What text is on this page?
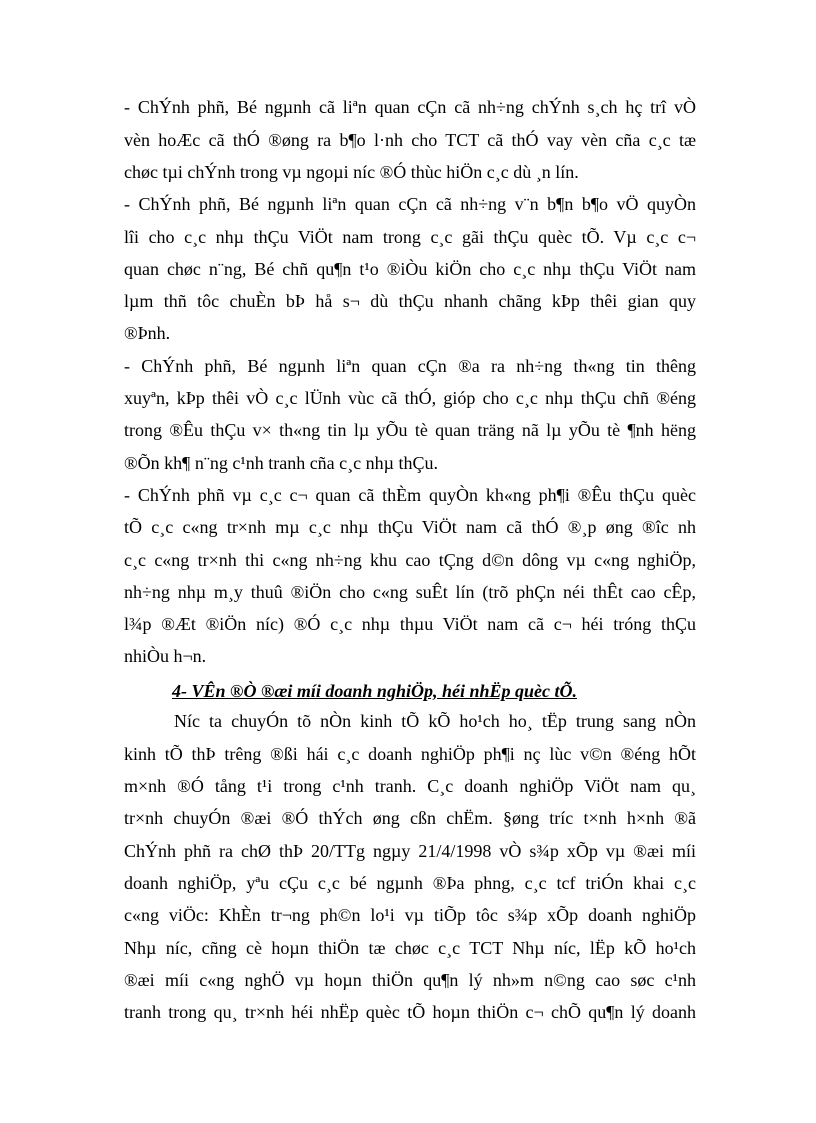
- ChÝnh phñ, Bé ngµnh cã liªn quan cÇn cã nh÷ng chÝnh s¸ch hç trî vÒ
vèn hoÆc cã thÓ ®øng ra b¶o l·nh cho TCT cã thÓ vay vèn cña c¸c tæ
chøc tµi chÝnh trong vµ ngoµi níc ®Ó thùc hiÖn c¸c dù ¸n lín.
- ChÝnh phñ, Bé ngµnh liªn quan cÇn cã nh÷ng v¨n b¶n b¶o vÖ quyÒn
lîi cho c¸c nhµ thÇu ViÖt nam trong c¸c gãi thÇu quèc tÕ. Vµ c¸c c¬
quan chøc n¨ng, Bé chñ qu¶n t¹o ®iÒu kiÖn cho c¸c nhµ thÇu ViÖt nam
lµm thñ tôc chuÈn bÞ hå s¬ dù thÇu nhanh chãng kÞp thêi gian quy
®Þnh.
- ChÝnh phñ, Bé ngµnh liªn quan cÇn ®a ra nh÷ng th«ng tin thêng
xuyªn, kÞp thêi vÒ c¸c lÜnh vùc cã thÓ, gióp cho c¸c nhµ thÇu chñ ®éng
trong ®Êu thÇu v× th«ng tin lµ yÕu tè quan träng nã lµ yÕu tè ¶nh hëng
®Õn kh¶ n¨ng c¹nh tranh cña c¸c nhµ thÇu.
- ChÝnh phñ vµ c¸c c¬ quan cã thÈm quyÒn kh«ng ph¶i ®Êu thÇu quèc
tÕ c¸c c«ng tr×nh mµ c¸c nhµ thÇu ViÖt nam cã thÓ ®¸p øng ®îc nh
c¸c c«ng tr×nh thi c«ng nh÷ng khu cao tÇng d©n dông vµ c«ng nghiÖp,
nh÷ng nhµ m¸y thuû ®iÖn cho c«ng suÊt lín (trõ phÇn néi thÊt cao cÊp,
l¾p ®Æt ®iÖn níc) ®Ó c¸c nhµ thµu ViÖt nam cã c¬ héi tróng thÇu
nhiÒu h¬n.
4- VÊn ®Ò ®æi míi doanh nghiÖp, héi nhËp quèc tÕ.
Níc ta chuyÓn tõ nÒn kinh tÕ kÕ ho¹ch ho¸ tËp trung sang nÒn
kinh tÕ thÞ trêng ®ßi hái c¸c doanh nghiÖp ph¶i nç lùc v©n ®éng hÕt
m×nh ®Ó tång t¹i trong c¹nh tranh. C¸c doanh nghiÖp ViÖt nam qu¸
tr×nh chuyÓn ®æi ®Ó thÝch øng cßn chËm. §øng tríc t×nh h×nh ®ã
ChÝnh phñ ra chØ thÞ 20/TTg ngµy 21/4/1998 vÒ s¾p xÕp vµ ®æi míi
doanh nghiÖp, yªu cÇu c¸c bé ngµnh ®Þa phng, c¸c tcf triÓn khai c¸c
c«ng viÖc: KhÈn tr¬ng ph©n lo¹i vµ tiÕp tôc s¾p xÕp doanh nghiÖp
Nhµ níc, cñng cè hoµn thiÖn tæ chøc c¸c TCT Nhµ níc, lËp kÕ ho¹ch
®æi míi c«ng nghÖ vµ hoµn thiÖn qu¶n lý nh»m n©ng cao søc c¹nh
tranh trong qu¸ tr×nh héi nhËp quèc tÕ hoµn thiÖn c¬ chÕ qu¶n lý doanh
